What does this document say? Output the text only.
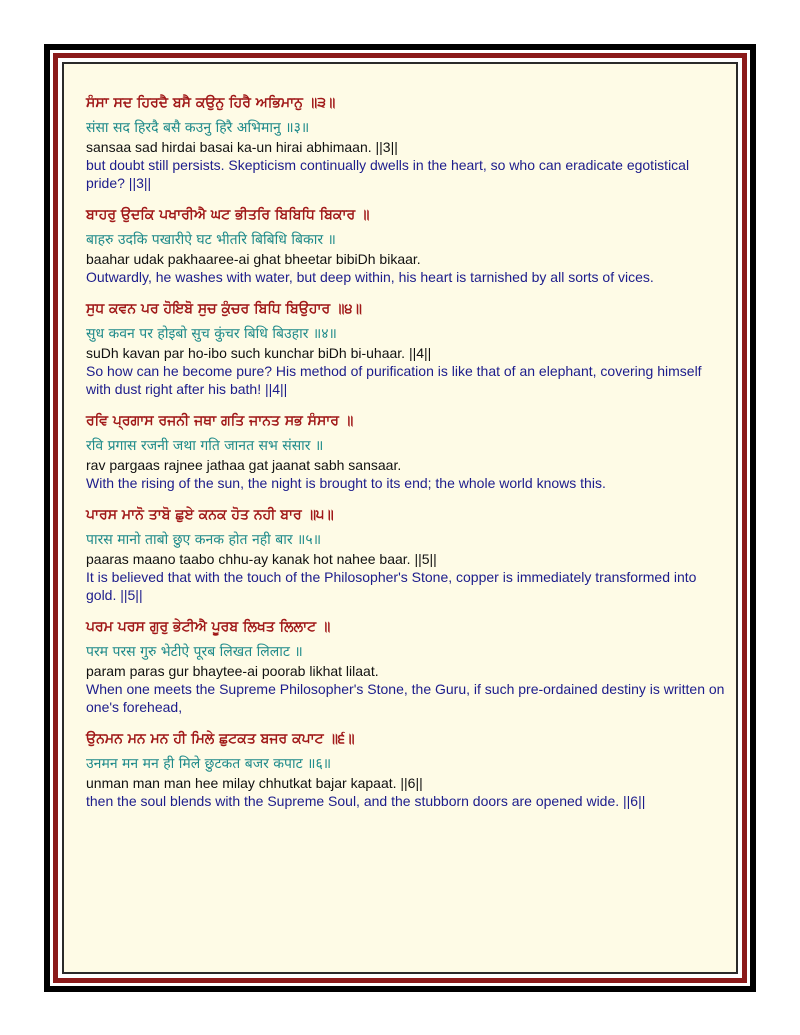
ਸੰਸਾ ਸਦ ਹਿਰਦੈ ਬਸੈ ਕਉਨੁ ਹਿਰੈ ਅਭਿਮਾਨੁ ॥੩॥
संसा सद हिरदै बसै कउनु हिरै अभिमानु ॥३॥
sansaa sad hirdai basai ka-un hirai abhimaan. ||3||
but doubt still persists. Skepticism continually dwells in the heart, so who can eradicate egotistical pride? ||3||
ਬਾਹਰੁ ਉਦਕਿ ਪਖਾਰੀਐ ਘਟ ਭੀਤਰਿ ਬਿਬਿਧਿ ਬਿਕਾਰ ॥
बाहरु उदकि पखारीऐ घट भीतरि बिबिधि बिकार ॥
baahar udak pakhaaree-ai ghat bheetar bibiDh bikaar.
Outwardly, he washes with water, but deep within, his heart is tarnished by all sorts of vices.
ਸੁਧ ਕਵਨ ਪਰ ਹੋਇਬੋ ਸੁਚ ਕੁੰਚਰ ਬਿਧਿ ਬਿਉਹਾਰ ॥੪॥
सुध कवन पर होइबो सुच कुंचर बिधि बिउहार ॥४॥
suDh kavan par ho-ibo such kunchar biDh bi-uhaar. ||4||
So how can he become pure? His method of purification is like that of an elephant, covering himself with dust right after his bath! ||4||
ਰਵਿ ਪ੍ਰਗਾਸ ਰਜਨੀ ਜਥਾ ਗਤਿ ਜਾਨਤ ਸਭ ਸੰਸਾਰ ॥
रवि प्रगास रजनी जथा गति जानत सभ संसार ॥
rav pargaas rajnee jathaa gat jaanat sabh sansaar.
With the rising of the sun, the night is brought to its end; the whole world knows this.
ਪਾਰਸ ਮਾਨੋ ਤਾਬੋ ਛੁਏ ਕਨਕ ਹੋਤ ਨਹੀ ਬਾਰ ॥੫॥
पारस मानो ताबो छुए कनक होत नही बार ॥५॥
paaras maano taabo chhu-ay kanak hot nahee baar. ||5||
It is believed that with the touch of the Philosopher's Stone, copper is immediately transformed into gold. ||5||
ਪਰਮ ਪਰਸ ਗੁਰੁ ਭੇਟੀਐ ਪੂਰਬ ਲਿਖਤ ਲਿਲਾਟ ॥
परम परस गुरु भेटीऐ पूरब लिखत लिलाट ॥
param paras gur bhaytee-ai poorab likhat lilaat.
When one meets the Supreme Philosopher's Stone, the Guru, if such pre-ordained destiny is written on one's forehead,
ਉਨਮਨ ਮਨ ਮਨ ਹੀ ਮਿਲੇ ਛੁਟਕਤ ਬਜਰ ਕਪਾਟ ॥੬॥
उनमन मन मन ही मिले छुटकत बजर कपाट ॥६॥
unman man man hee milay chhutkat bajar kapaat. ||6||
then the soul blends with the Supreme Soul, and the stubborn doors are opened wide. ||6||
